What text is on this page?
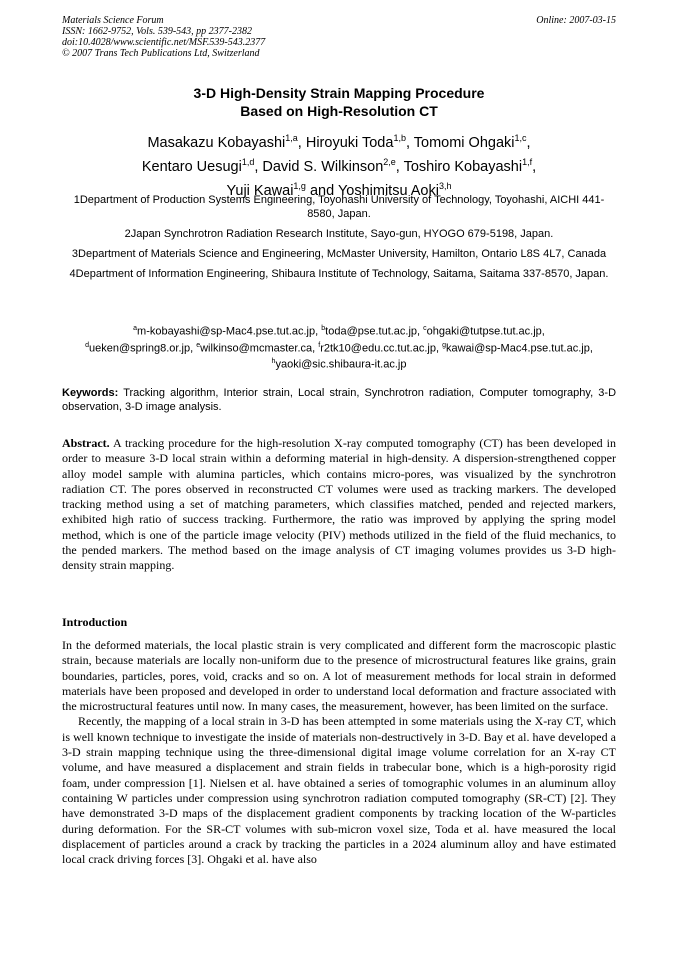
Materials Science Forum
ISSN: 1662-9752, Vols. 539-543, pp 2377-2382
doi:10.4028/www.scientific.net/MSF.539-543.2377
© 2007 Trans Tech Publications Ltd, Switzerland
Online: 2007-03-15
3-D High-Density Strain Mapping Procedure
Based on High-Resolution CT
Masakazu Kobayashi$^{1,a}$, Hiroyuki Toda$^{1,b}$, Tomomi Ohgaki$^{1,c}$,
Kentaro Uesugi$^{1,d}$, David S. Wilkinson$^{2,e}$, Toshiro Kobayashi$^{1,f}$,
Yuji Kawai$^{1,g}$ and Yoshimitsu Aoki$^{3,h}$

1Department of Production Systems Engineering, Toyohashi University of Technology, Toyohashi, AICHI 441-8580, Japan.

2Japan Synchrotron Radiation Research Institute, Sayo-gun, HYOGO 679-5198, Japan.

3Department of Materials Science and Engineering, McMaster University, Hamilton, Ontario L8S 4L7, Canada

4Department of Information Engineering, Shibaura Institute of Technology, Saitama, Saitama 337-8570, Japan.

$^a$m-kobayashi@sp-Mac4.pse.tut.ac.jp, $^b$toda@pse.tut.ac.jp, $^c$ohgaki@tutpse.tut.ac.jp,
$^d$ueken@spring8.or.jp, $^e$wilkinso@mcmaster.ca, $^f$r2tk10@edu.cc.tut.ac.jp, $^g$kawai@sp-Mac4.pse.tut.ac.jp,
$^h$yaoki@sic.shibaura-it.ac.jp
Keywords: Tracking algorithm, Interior strain, Local strain, Synchrotron radiation, Computer tomography, 3-D observation, 3-D image analysis.
Abstract. A tracking procedure for the high-resolution X-ray computed tomography (CT) has been developed in order to measure 3-D local strain within a deforming material in high-density. A dispersion-strengthened copper alloy model sample with alumina particles, which contains micro-pores, was visualized by the synchrotron radiation CT. The pores observed in reconstructed CT volumes were used as tracking markers. The developed tracking method using a set of matching parameters, which classifies matched, pended and rejected markers, exhibited high ratio of success tracking. Furthermore, the ratio was improved by applying the spring model method, which is one of the particle image velocity (PIV) methods utilized in the field of the fluid mechanics, to the pended markers. The method based on the image analysis of CT imaging volumes provides us 3-D high-density strain mapping.
Introduction

In the deformed materials, the local plastic strain is very complicated and different form the macroscopic plastic strain, because materials are locally non-uniform due to the presence of microstructural features like grains, grain boundaries, particles, pores, void, cracks and so on. A lot of measurement methods for local strain in deformed materials have been proposed and developed in order to understand local deformation and fracture associated with the microstructural features until now. In many cases, the measurement, however, has been limited on the surface.

Recently, the mapping of a local strain in 3-D has been attempted in some materials using the X-ray CT, which is well known technique to investigate the inside of materials non-destructively in 3-D. Bay et al. have developed a 3-D strain mapping technique using the three-dimensional digital image volume correlation for an X-ray CT volume, and have measured a displacement and strain fields in trabecular bone, which is a high-porosity rigid foam, under compression [1]. Nielsen et al. have obtained a series of tomographic volumes in an aluminum alloy containing W particles under compression using synchrotron radiation computed tomography (SR-CT) [2]. They have demonstrated 3-D maps of the displacement gradient components by tracking location of the W-particles during deformation. For the SR-CT volumes with sub-micron voxel size, Toda et al. have measured the local displacement of particles around a crack by tracking the particles in a 2024 aluminum alloy and have estimated local crack driving forces [3]. Ohgaki et al. have also
